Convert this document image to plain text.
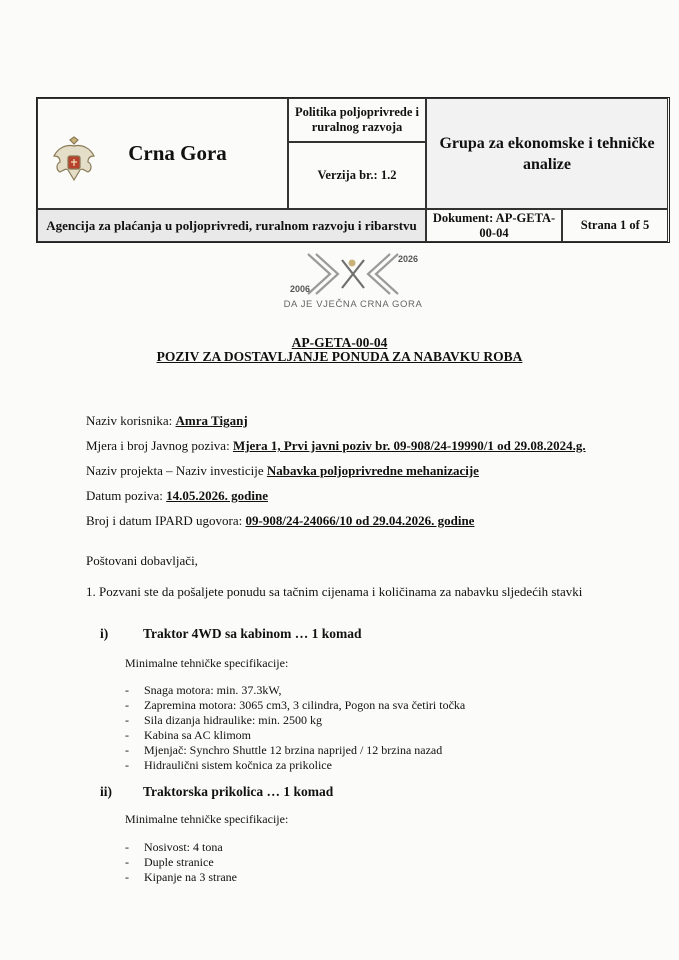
Crna Gora
Politika poljoprivrede i ruralnog razvoja
Verzija br.: 1.2
Grupa za ekonomske i tehničke analize
Agencija za plaćanja u poljoprivredi, ruralnom razvoju i ribarstvu	Dokument: AP-GETA-00-04
Strana 1 of 5
2006
2026
DA JE VJEČNA CRNA GORA
AP-GETA-00-04
POZIV ZA DOSTAVLJANJE PONUDA ZA NABAVKU ROBA
Naziv korisnika: Amra Tiganj
Mjera i broj Javnog poziva: Mjera 1, Prvi javni poziv br. 09-908/24-19990/1 od 29.08.2024.g.
Naziv projekta – Naziv investicije Nabavka poljoprivredne mehanizacije
Datum poziva: 14.05.2026. godine
Broj i datum IPARD ugovora: 09-908/24-24066/10 od 29.04.2026. godine
Poštovani dobavljači,
1. Pozvani ste da pošaljete ponudu sa tačnim cijenama i količinama za nabavku sljedećih stavki
i)	Traktor 4WD sa kabinom … 1 komad
Minimalne tehničke specifikacije:
- Snaga motora: min. 37.3kW,
- Zapremina motora: 3065 cm3, 3 cilindra, Pogon na sva četiri točka
- Sila dizanja hidraulike: min. 2500 kg
- Kabina sa AC klimom
- Mjenjač: Synchro Shuttle 12 brzina naprijed / 12 brzina nazad
- Hidraulični sistem kočnica za prikolice
ii) Traktorska prikolica … 1 komad
Minimalne tehničke specifikacije:
- Nosivost: 4 tona
- Duple stranice
- Kipanje na 3 strane
